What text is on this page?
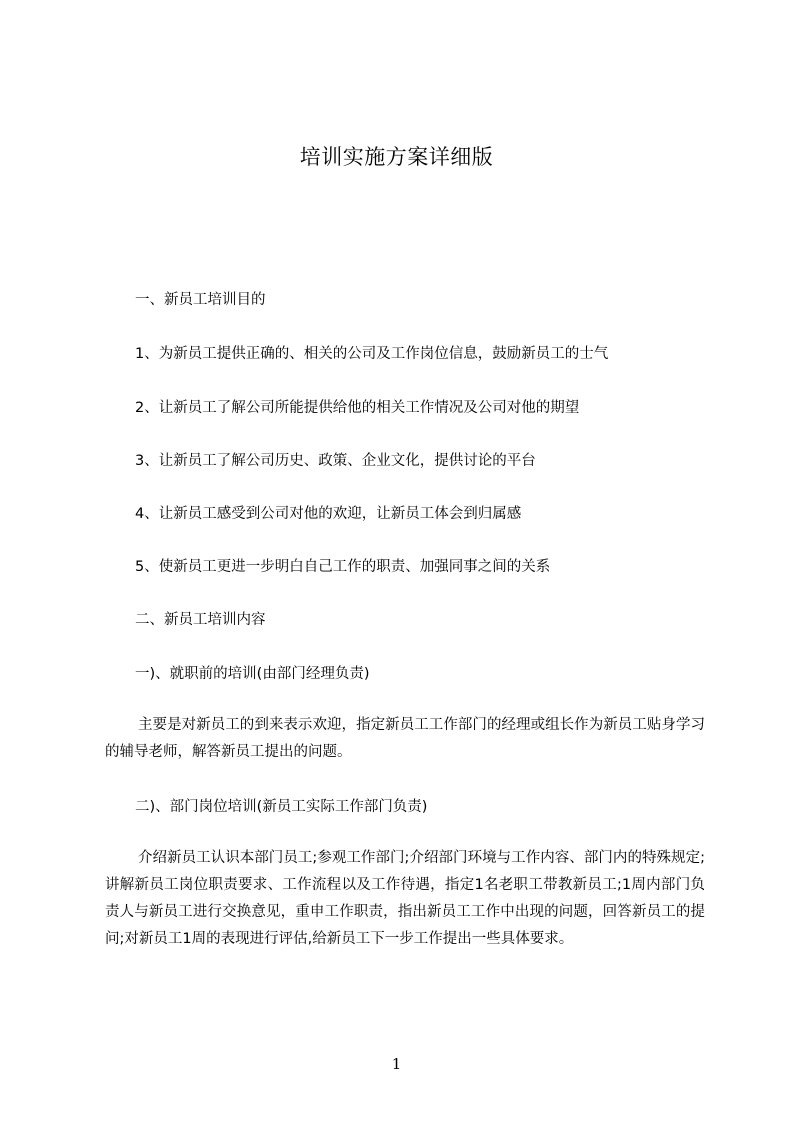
培训实施方案详细版
一、新员工培训目的
1、为新员工提供正确的、相关的公司及工作岗位信息，鼓励新员工的士气
2、让新员工了解公司所能提供给他的相关工作情况及公司对他的期望
3、让新员工了解公司历史、政策、企业文化，提供讨论的平台
4、让新员工感受到公司对他的欢迎，让新员工体会到归属感
5、使新员工更进一步明白自己工作的职责、加强同事之间的关系
二、新员工培训内容
一)、就职前的培训(由部门经理负责)
主要是对新员工的到来表示欢迎，指定新员工工作部门的经理或组长作为新员工贴身学习的辅导老师，解答新员工提出的问题。
二)、部门岗位培训(新员工实际工作部门负责)
介绍新员工认识本部门员工;参观工作部门;介绍部门环境与工作内容、部门内的特殊规定;讲解新员工岗位职责要求、工作流程以及工作待遇，指定1名老职工带教新员工;1周内部门负责人与新员工进行交换意见，重申工作职责，指出新员工工作中出现的问题，回答新员工的提问;对新员工1周的表现进行评估,给新员工下一步工作提出一些具体要求。
1
